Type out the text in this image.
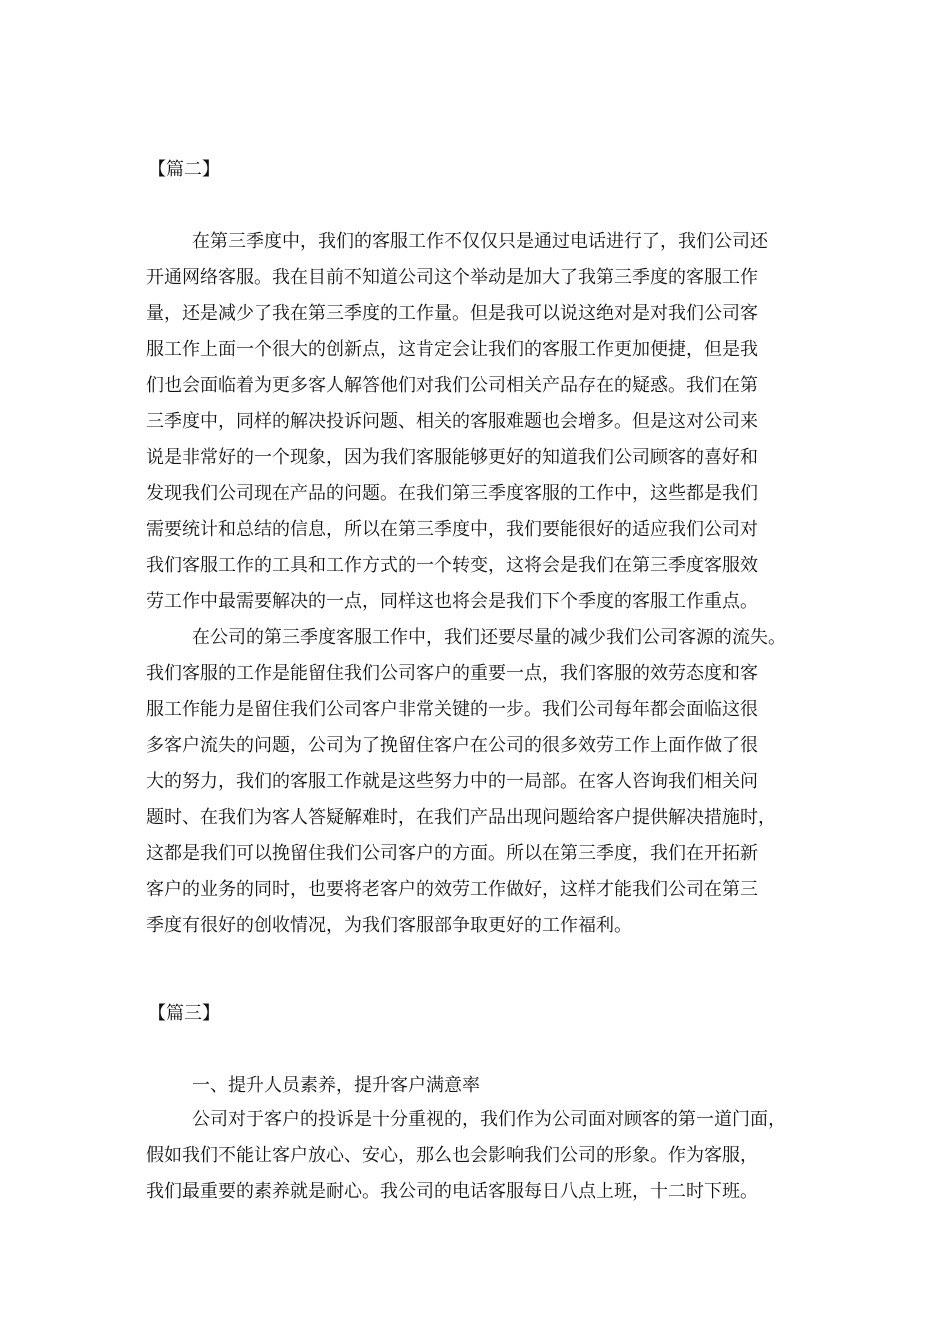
【篇二】
在第三季度中，我们的客服工作不仅仅只是通过电话进行了，我们公司还
开通网络客服。我在目前不知道公司这个举动是加大了我第三季度的客服工作
量，还是减少了我在第三季度的工作量。但是我可以说这绝对是对我们公司客
服工作上面一个很大的创新点，这肯定会让我们的客服工作更加便捷，但是我
们也会面临着为更多客人解答他们对我们公司相关产品存在的疑惑。我们在第
三季度中，同样的解决投诉问题、相关的客服难题也会增多。但是这对公司来
说是非常好的一个现象，因为我们客服能够更好的知道我们公司顾客的喜好和
发现我们公司现在产品的问题。在我们第三季度客服的工作中，这些都是我们
需要统计和总结的信息，所以在第三季度中，我们要能很好的适应我们公司对
我们客服工作的工具和工作方式的一个转变，这将会是我们在第三季度客服效
劳工作中最需要解决的一点，同样这也将会是我们下个季度的客服工作重点。
在公司的第三季度客服工作中，我们还要尽量的减少我们公司客源的流失。
我们客服的工作是能留住我们公司客户的重要一点，我们客服的效劳态度和客
服工作能力是留住我们公司客户非常关键的一步。我们公司每年都会面临这很
多客户流失的问题，公司为了挽留住客户在公司的很多效劳工作上面作做了很
大的努力，我们的客服工作就是这些努力中的一局部。在客人咨询我们相关问
题时、在我们为客人答疑解难时，在我们产品出现问题给客户提供解决措施时，
这都是我们可以挽留住我们公司客户的方面。所以在第三季度，我们在开拓新
客户的业务的同时，也要将老客户的效劳工作做好，这样才能我们公司在第三
季度有很好的创收情况，为我们客服部争取更好的工作福利。
【篇三】
一、提升人员素养，提升客户满意率
公司对于客户的投诉是十分重视的，我们作为公司面对顾客的第一道门面，
假如我们不能让客户放心、安心，那么也会影响我们公司的形象。作为客服，
我们最重要的素养就是耐心。我公司的电话客服每日八点上班，十二时下班。
